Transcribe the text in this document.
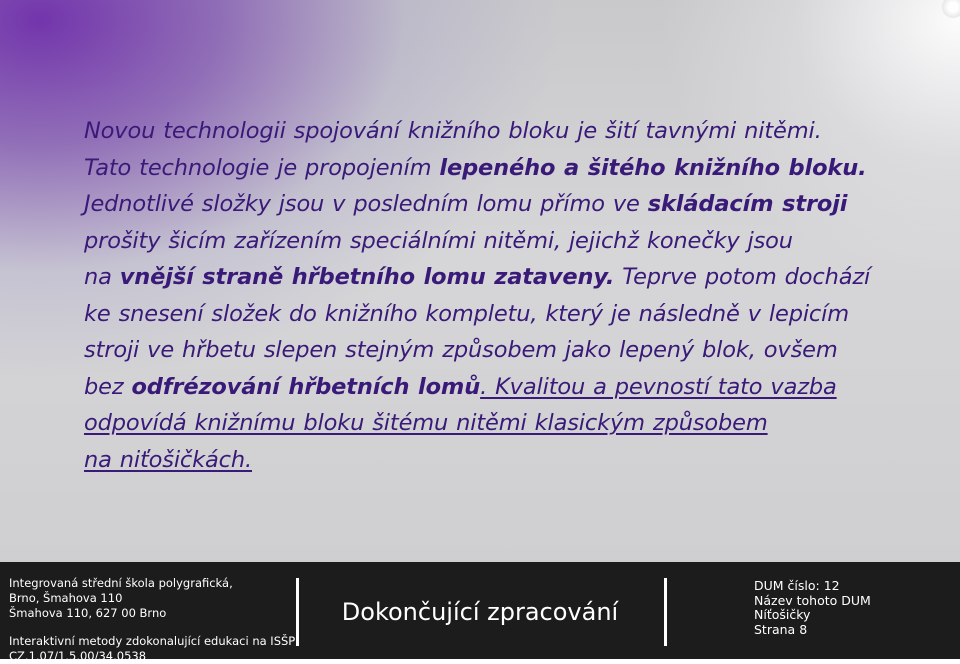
Novou technologii spojování knižního bloku je šití tavnými nitěmi.
Tato technologie je propojením lepeného a šitého knižního bloku.
Jednotlivé složky jsou v posledním lomu přímo ve skládacím stroji
prošity šicím zařízením speciálními nitěmi, jejichž konečky jsou
na vnější straně hřbetního lomu zataveny. Teprve potom dochází
ke snesení složek do knižního kompletu, který je následně v lepicím
stroji ve hřbetu slepen stejným způsobem jako lepený blok, ovšem
bez odfrézování hřbetních lomů. Kvalitou a pevností tato vazba
odpovídá knižnímu bloku šitému nitěmi klasickým způsobem
na niťošičkách.
Integrovaná střední škola polygrafická,
Brno, Šmahova 110
Šmahova 110, 627 00 Brno
Interaktivní metody zdokonalující edukaci na ISŠP
CZ.1.07/1.5.00/34.0538
Dokončující zpracování
DUM číslo: 12
Název tohoto DUM
Níťošičky
Strana 8
